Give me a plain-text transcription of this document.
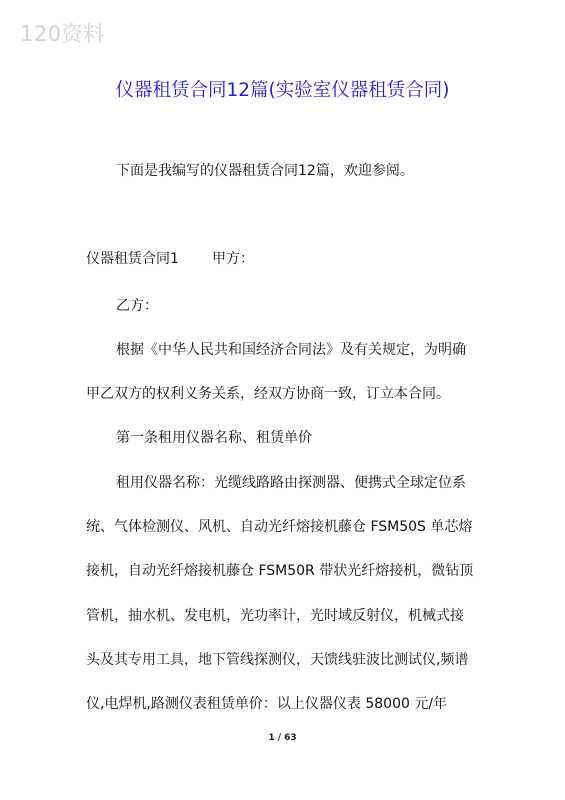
120资料
仪器租赁合同12篇(实验室仪器租赁合同)
下面是我编写的仪器租赁合同12篇，欢迎参阅。
仪器租赁合同1 甲方：
乙方：
根据《中华人民共和国经济合同法》及有关规定，为明确
甲乙双方的权利义务关系，经双方协商一致，订立本合同。
第一条租用仪器名称、租赁单价
租用仪器名称：光缆线路路由探测器、便携式全球定位系
统、气体检测仪、风机、自动光纤熔接机藤仓 FSM50S 单芯熔
接机，自动光纤熔接机藤仓 FSM50R 带状光纤熔接机，微钻顶
管机，抽水机、发电机，光功率计，光时域反射仪，机械式接
头及其专用工具，地下管线探测仪，天馈线驻波比测试仪,频谱
仪,电焊机,路测仪表租赁单价：以上仪器仪表 58000 元/年
1 / 63
